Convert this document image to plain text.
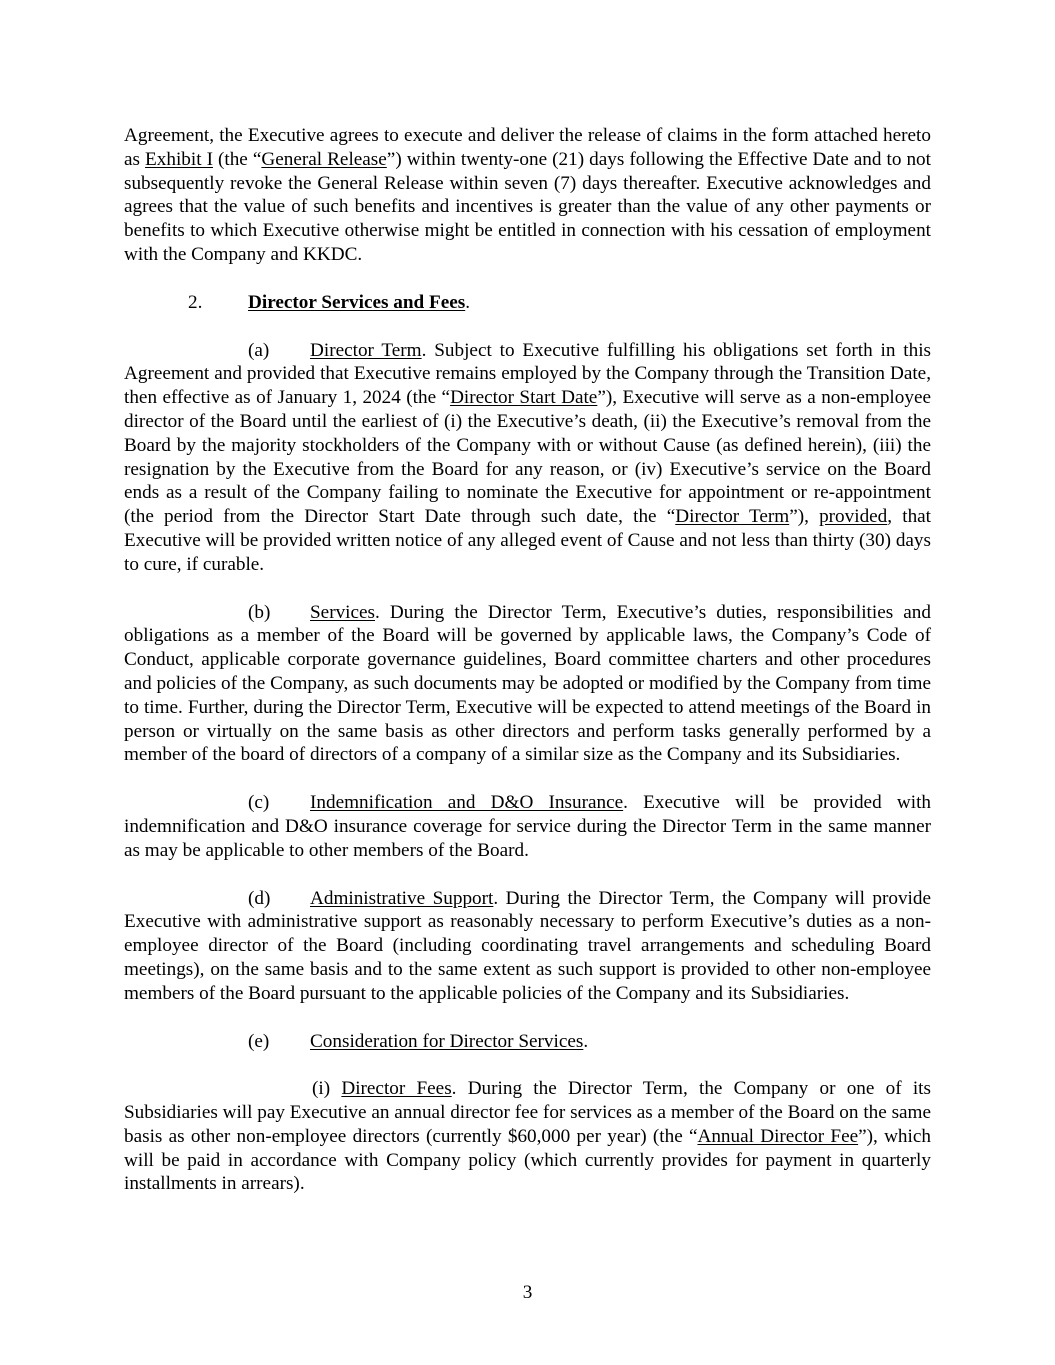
Agreement, the Executive agrees to execute and deliver the release of claims in the form attached hereto as Exhibit I (the “General Release”) within twenty-one (21) days following the Effective Date and to not subsequently revoke the General Release within seven (7) days thereafter. Executive acknowledges and agrees that the value of such benefits and incentives is greater than the value of any other payments or benefits to which Executive otherwise might be entitled in connection with his cessation of employment with the Company and KKDC.

2. Director Services and Fees.

(a) Director Term. Subject to Executive fulfilling his obligations set forth in this Agreement and provided that Executive remains employed by the Company through the Transition Date, then effective as of January 1, 2024 (the “Director Start Date”), Executive will serve as a non-employee director of the Board until the earliest of (i) the Executive’s death, (ii) the Executive’s removal from the Board by the majority stockholders of the Company with or without Cause (as defined herein), (iii) the resignation by the Executive from the Board for any reason, or (iv) Executive’s service on the Board ends as a result of the Company failing to nominate the Executive for appointment or re-appointment (the period from the Director Start Date through such date, the “Director Term”), provided, that Executive will be provided written notice of any alleged event of Cause and not less than thirty (30) days to cure, if curable.

(b) Services. During the Director Term, Executive’s duties, responsibilities and obligations as a member of the Board will be governed by applicable laws, the Company’s Code of Conduct, applicable corporate governance guidelines, Board committee charters and other procedures and policies of the Company, as such documents may be adopted or modified by the Company from time to time. Further, during the Director Term, Executive will be expected to attend meetings of the Board in person or virtually on the same basis as other directors and perform tasks generally performed by a member of the board of directors of a company of a similar size as the Company and its Subsidiaries.

(c) Indemnification and D&O Insurance. Executive will be provided with indemnification and D&O insurance coverage for service during the Director Term in the same manner as may be applicable to other members of the Board.

(d) Administrative Support. During the Director Term, the Company will provide Executive with administrative support as reasonably necessary to perform Executive’s duties as a non-employee director of the Board (including coordinating travel arrangements and scheduling Board meetings), on the same basis and to the same extent as such support is provided to other non-employee members of the Board pursuant to the applicable policies of the Company and its Subsidiaries.

(e) Consideration for Director Services.

(i) Director Fees. During the Director Term, the Company or one of its Subsidiaries will pay Executive an annual director fee for services as a member of the Board on the same basis as other non-employee directors (currently $60,000 per year) (the “Annual Director Fee”), which will be paid in accordance with Company policy (which currently provides for payment in quarterly installments in arrears).

3
